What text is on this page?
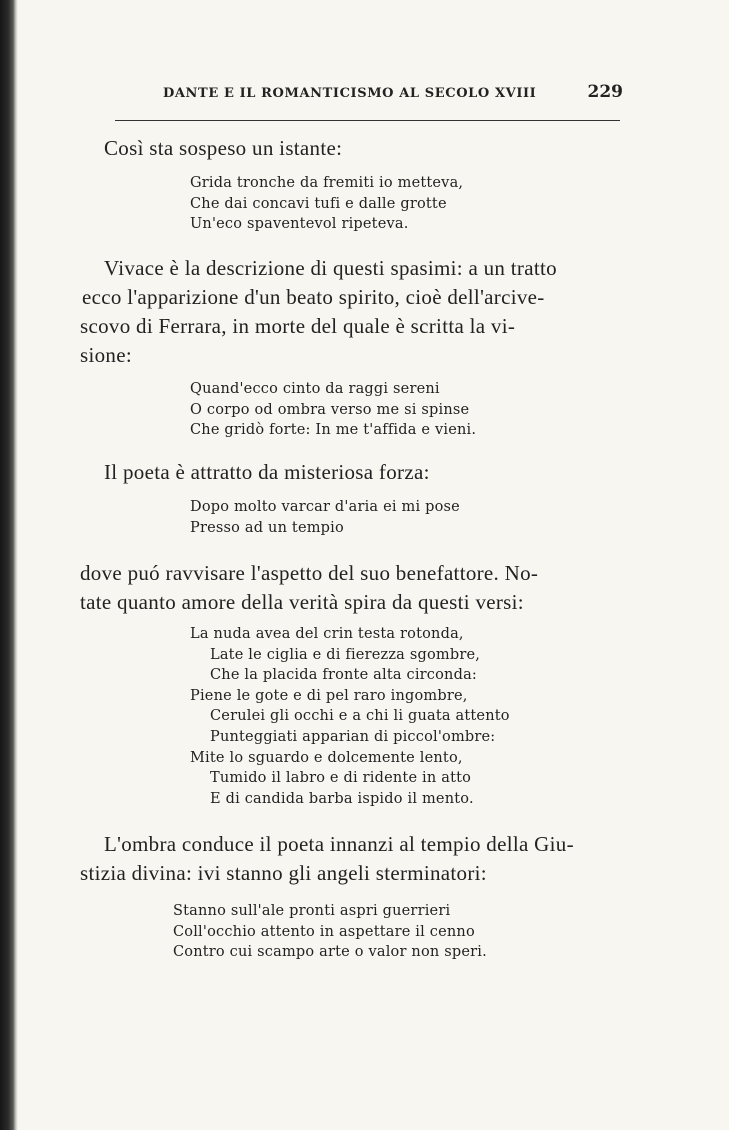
DANTE E IL ROMANTICISMO AL SECOLO XVIII	229
Così sta sospeso un istante:
Grida tronche da fremiti io metteva,
Che dai concavi tufi e dalle grotte
Un'eco spaventevol ripeteva.
Vivace è la descrizione di questi spasimi: a un tratto
ecco l'apparizione d'un beato spirito, cioè dell'arcive-
scovo di Ferrara, in morte del quale è scritta la vi-
sione:
Quand'ecco cinto da raggi sereni
O corpo od ombra verso me si spinse
Che gridò forte: In me t'affida e vieni.
Il poeta è attratto da misteriosa forza:
Dopo molto varcar d'aria ei mi pose
Presso ad un tempio
dove puó ravvisare l'aspetto del suo benefattore. No-
tate quanto amore della verità spira da questi versi:
La nuda avea del crin testa rotonda,
Late le ciglia e di fierezza sgombre,
Che la placida fronte alta circonda:
Piene le gote e di pel raro ingombre,
Cerulei gli occhi e a chi li guata attento
Punteggiati apparian di piccol'ombre:
Mite lo sguardo e dolcemente lento,
Tumido il labro e di ridente in atto
E di candida barba ispido il mento.
L'ombra conduce il poeta innanzi al tempio della Giu-
stizia divina: ivi stanno gli angeli sterminatori:
Stanno sull'ale pronti aspri guerrieri
Coll'occhio attento in aspettare il cenno
Contro cui scampo arte o valor non speri.
